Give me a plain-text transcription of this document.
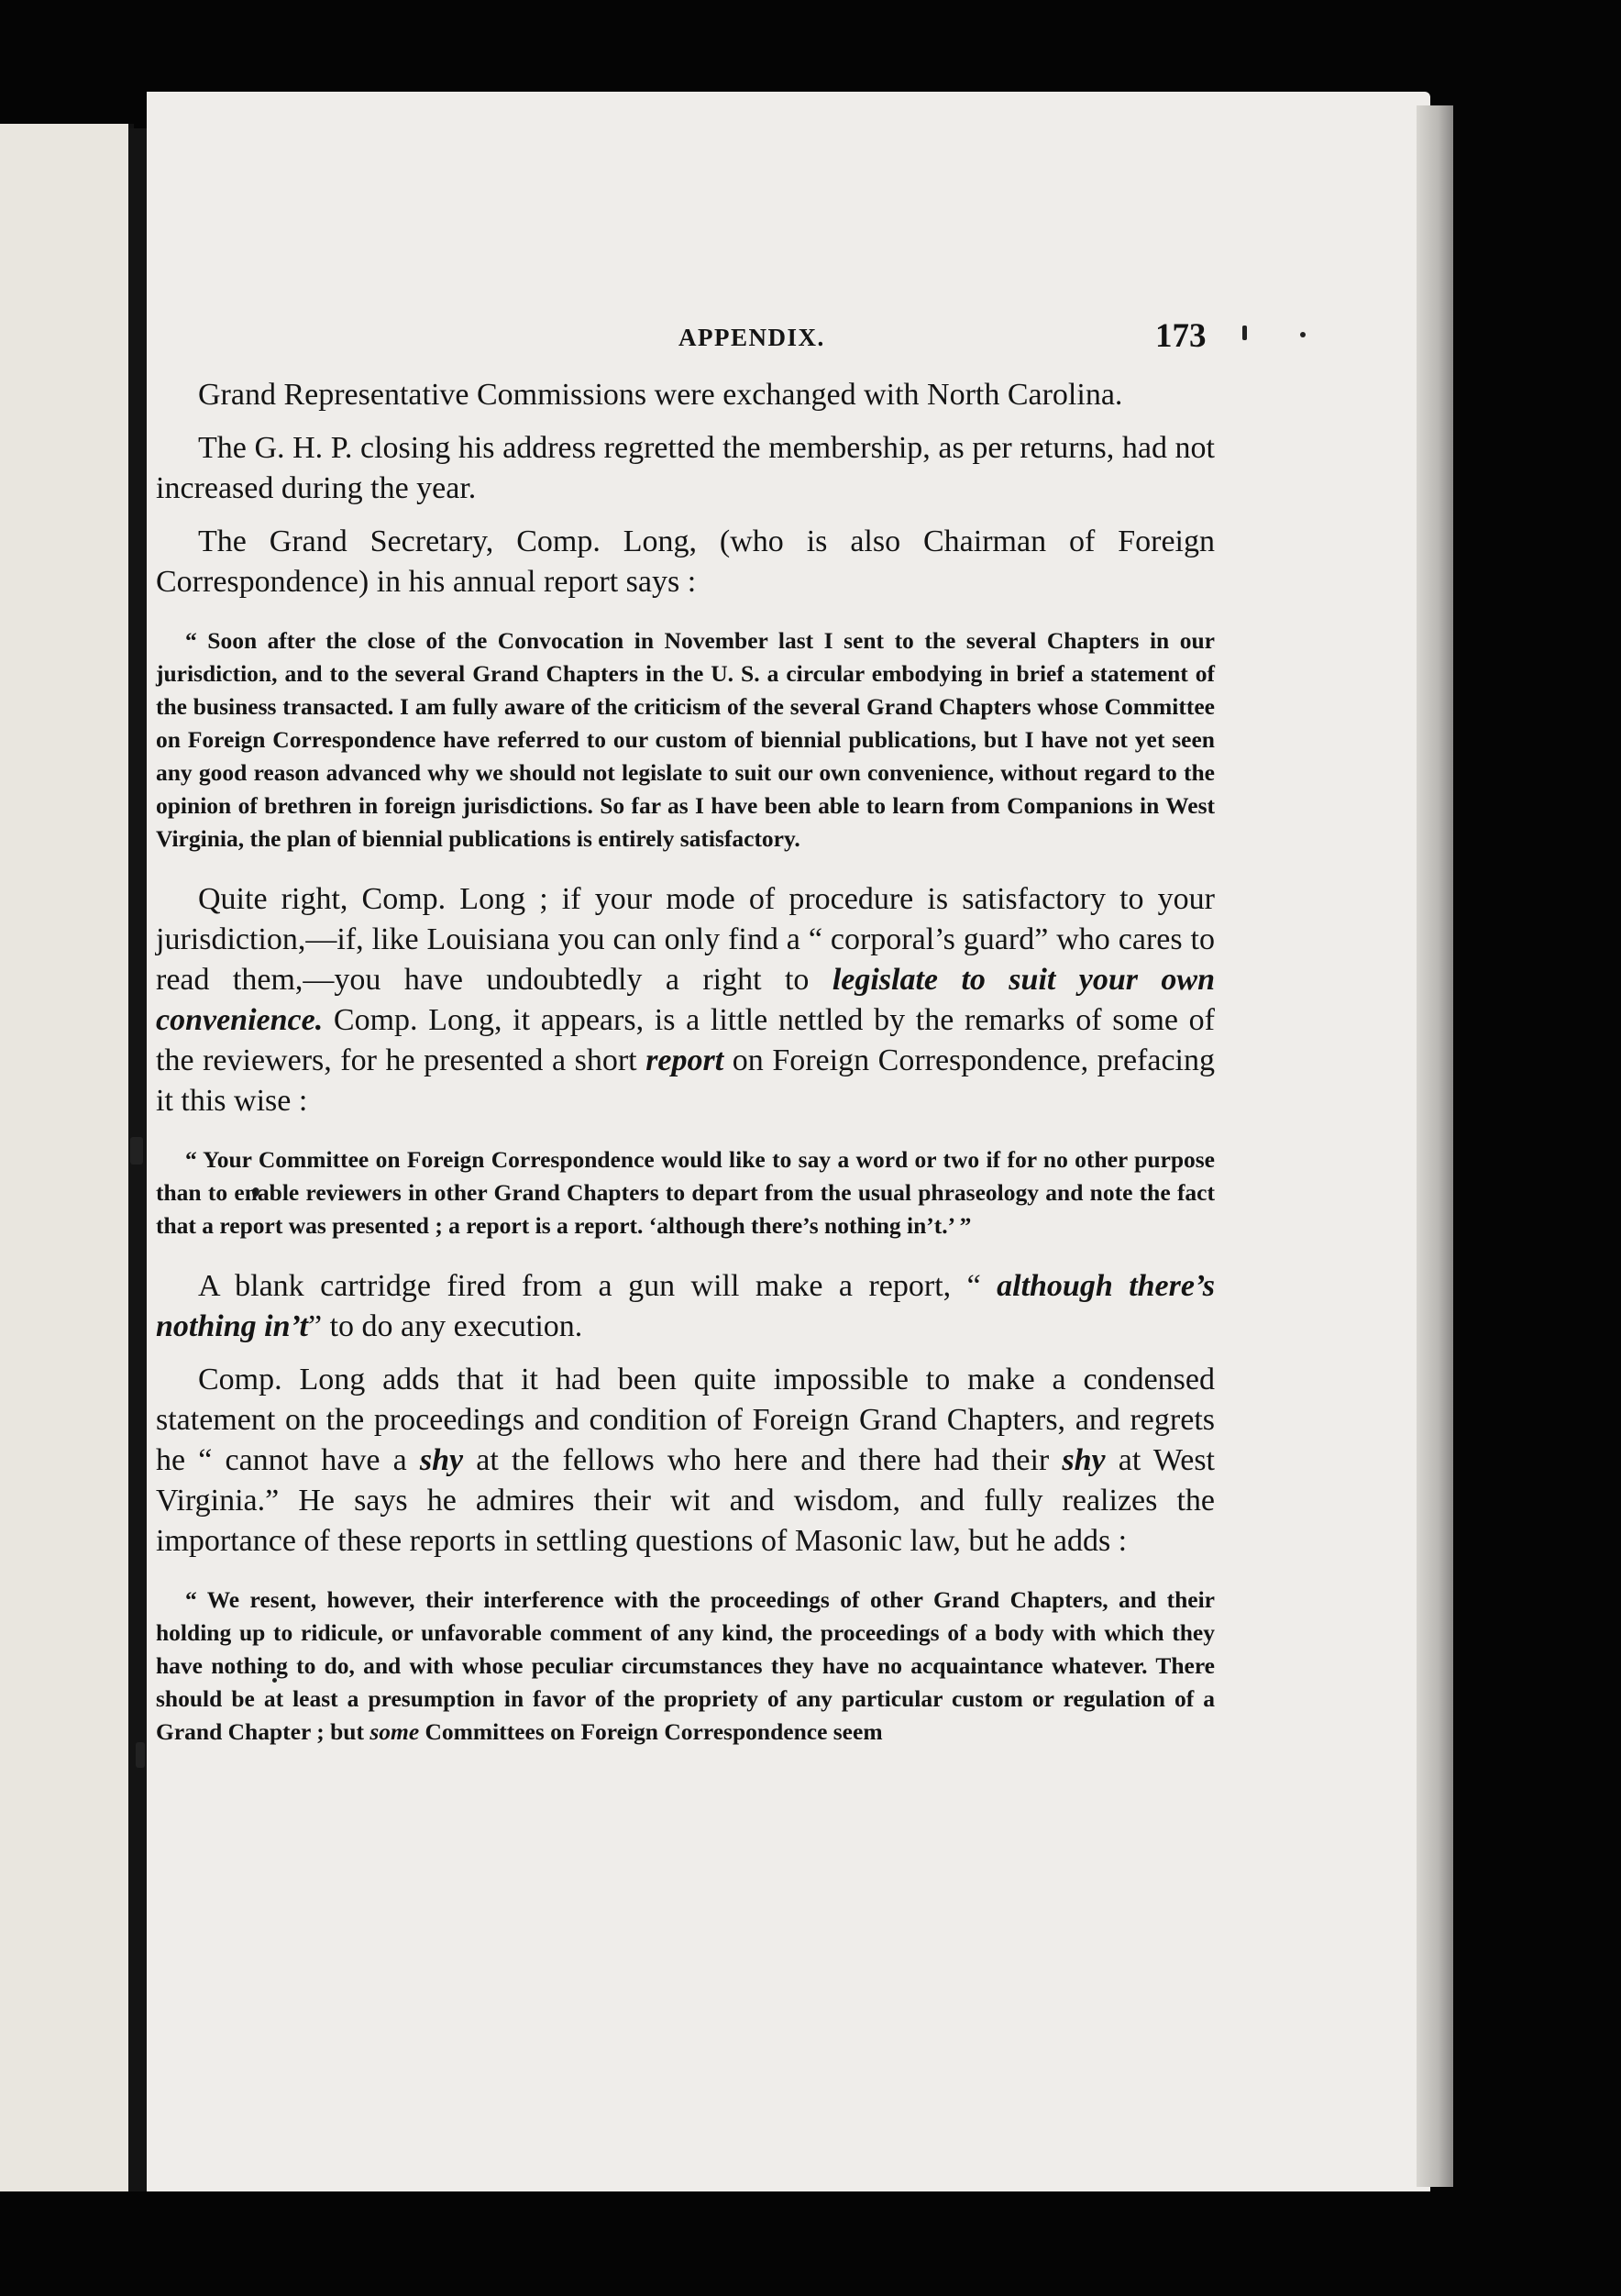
APPENDIX.	173

Grand Representative Commissions were exchanged with North Carolina.

The G. H. P. closing his address regretted the membership, as per returns, had not increased during the year.

The Grand Secretary, Comp. Long, (who is also Chairman of Foreign Correspondence) in his annual report says :

“ Soon after the close of the Convocation in November last I sent to the several Chapters in our jurisdiction, and to the several Grand Chapters in the U. S. a circular embodying in brief a statement of the business transacted. I am fully aware of the criticism of the several Grand Chapters whose Committee on Foreign Correspondence have referred to our custom of biennial publications, but I have not yet seen any good reason advanced why we should not legislate to suit our own convenience, without regard to the opinion of brethren in foreign jurisdictions. So far as I have been able to learn from Companions in West Virginia, the plan of biennial publications is entirely satisfactory.

Quite right, Comp. Long ; if your mode of procedure is satisfactory to your jurisdiction,—if, like Louisiana you can only find a “ corporal’s guard” who cares to read them,—you have undoubtedly a right to legislate to suit your own convenience. Comp. Long, it appears, is a little nettled by the remarks of some of the reviewers, for he presented a short report on Foreign Correspondence, prefacing it this wise :

“ Your Committee on Foreign Correspondence would like to say a word or two if for no other purpose than to enable reviewers in other Grand Chapters to depart from the usual phraseology and note the fact that a report was presented ; a report is a report. ‘although there’s nothing in’t.’ ”

A blank cartridge fired from a gun will make a report, “ although there’s nothing in’t” to do any execution.

Comp. Long adds that it had been quite impossible to make a condensed statement on the proceedings and condition of Foreign Grand Chapters, and regrets he “ cannot have a shy at the fellows who here and there had their shy at West Virginia.” He says he admires their wit and wisdom, and fully realizes the importance of these reports in settling questions of Masonic law, but he adds :

“ We resent, however, their interference with the proceedings of other Grand Chapters, and their holding up to ridicule, or unfavorable comment of any kind, the proceedings of a body with which they have nothing to do, and with whose peculiar circumstances they have no acquaintance whatever. There should be at least a presumption in favor of the propriety of any particular custom or regulation of a Grand Chapter ; but some Committees on Foreign Correspondence seem
